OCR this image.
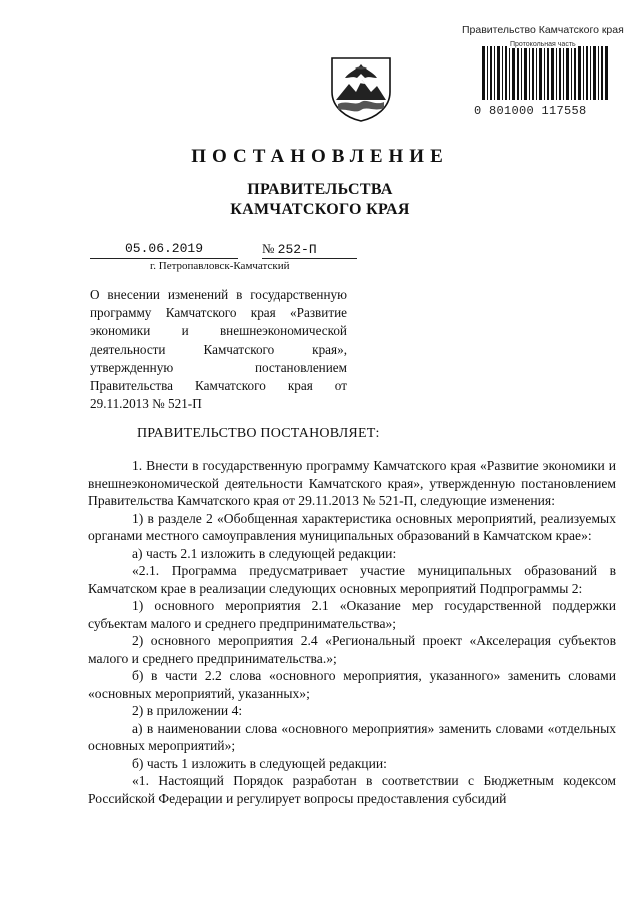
Правительство Камчатского края
Протокольная часть
0 801000 117558
ПОСТАНОВЛЕНИЕ
ПРАВИТЕЛЬСТВА
КАМЧАТСКОГО КРАЯ
05.06.2019	№ 252-П
г. Петропавловск-Камчатский
О внесении изменений в государственную программу Камчатского края «Развитие экономики и внешнеэкономической деятельности Камчатского края», утвержденную постановлением Правительства Камчатского края от 29.11.2013 № 521-П
ПРАВИТЕЛЬСТВО ПОСТАНОВЛЯЕТ:

1. Внести в государственную программу Камчатского края «Развитие экономики и внешнеэкономической деятельности Камчатского края», утвержденную постановлением Правительства Камчатского края от 29.11.2013 № 521-П, следующие изменения:

1) в разделе 2 «Обобщенная характеристика основных мероприятий, реализуемых органами местного самоуправления муниципальных образований в Камчатском крае»:

а) часть 2.1 изложить в следующей редакции:

«2.1. Программа предусматривает участие муниципальных образований в Камчатском крае в реализации следующих основных мероприятий Подпрограммы 2:

1) основного мероприятия 2.1 «Оказание мер государственной поддержки субъектам малого и среднего предпринимательства»;

2) основного мероприятия 2.4 «Региональный проект «Акселерация субъектов малого и среднего предпринимательства.»;

б) в части 2.2 слова «основного мероприятия, указанного» заменить словами «основных мероприятий, указанных»;

2) в приложении 4:

а) в наименовании слова «основного мероприятия» заменить словами «отдельных основных мероприятий»;

б) часть 1 изложить в следующей редакции:

«1. Настоящий Порядок разработан в соответствии с Бюджетным кодексом Российской Федерации и регулирует вопросы предоставления субсидий
